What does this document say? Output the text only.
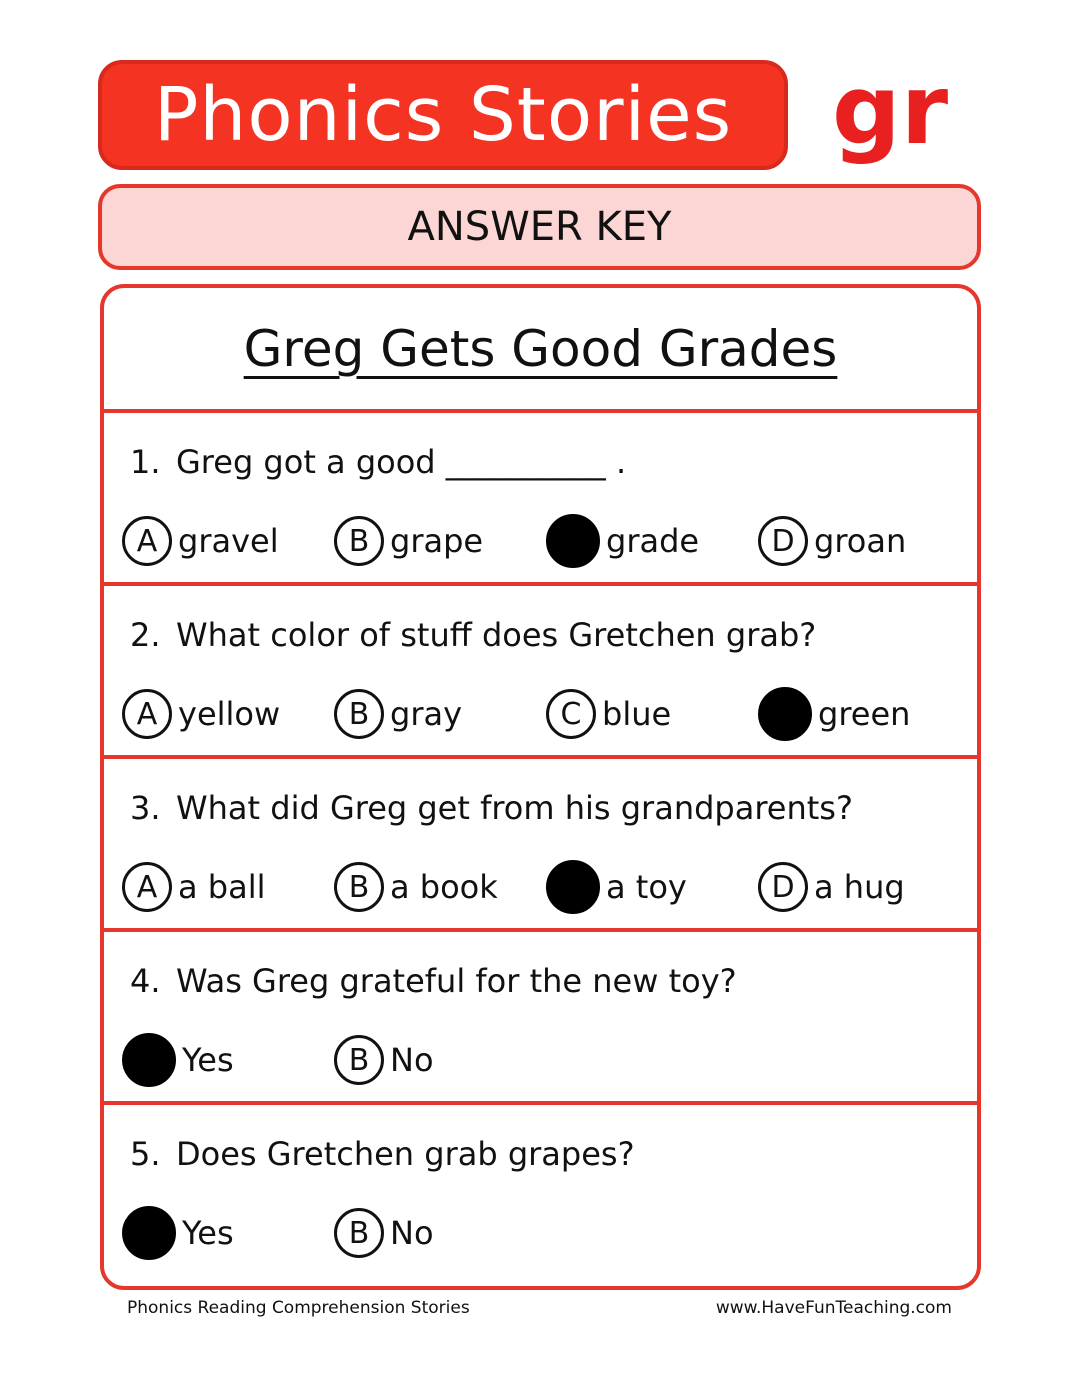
Phonics Stories gr
ANSWER KEY
Greg Gets Good Grades
1. Greg got a good __________ .
A gravel	B grape	grade	D groan
2. What color of stuff does Gretchen grab?
A yellow	B gray	C blue	green
3. What did Greg get from his grandparents?
A a ball	B a book	a toy	D a hug
4. Was Greg grateful for the new toy?
Yes	B No
5. Does Gretchen grab grapes?
Yes	B No
Phonics Reading Comprehension Stories	www.HaveFunTeaching.com
